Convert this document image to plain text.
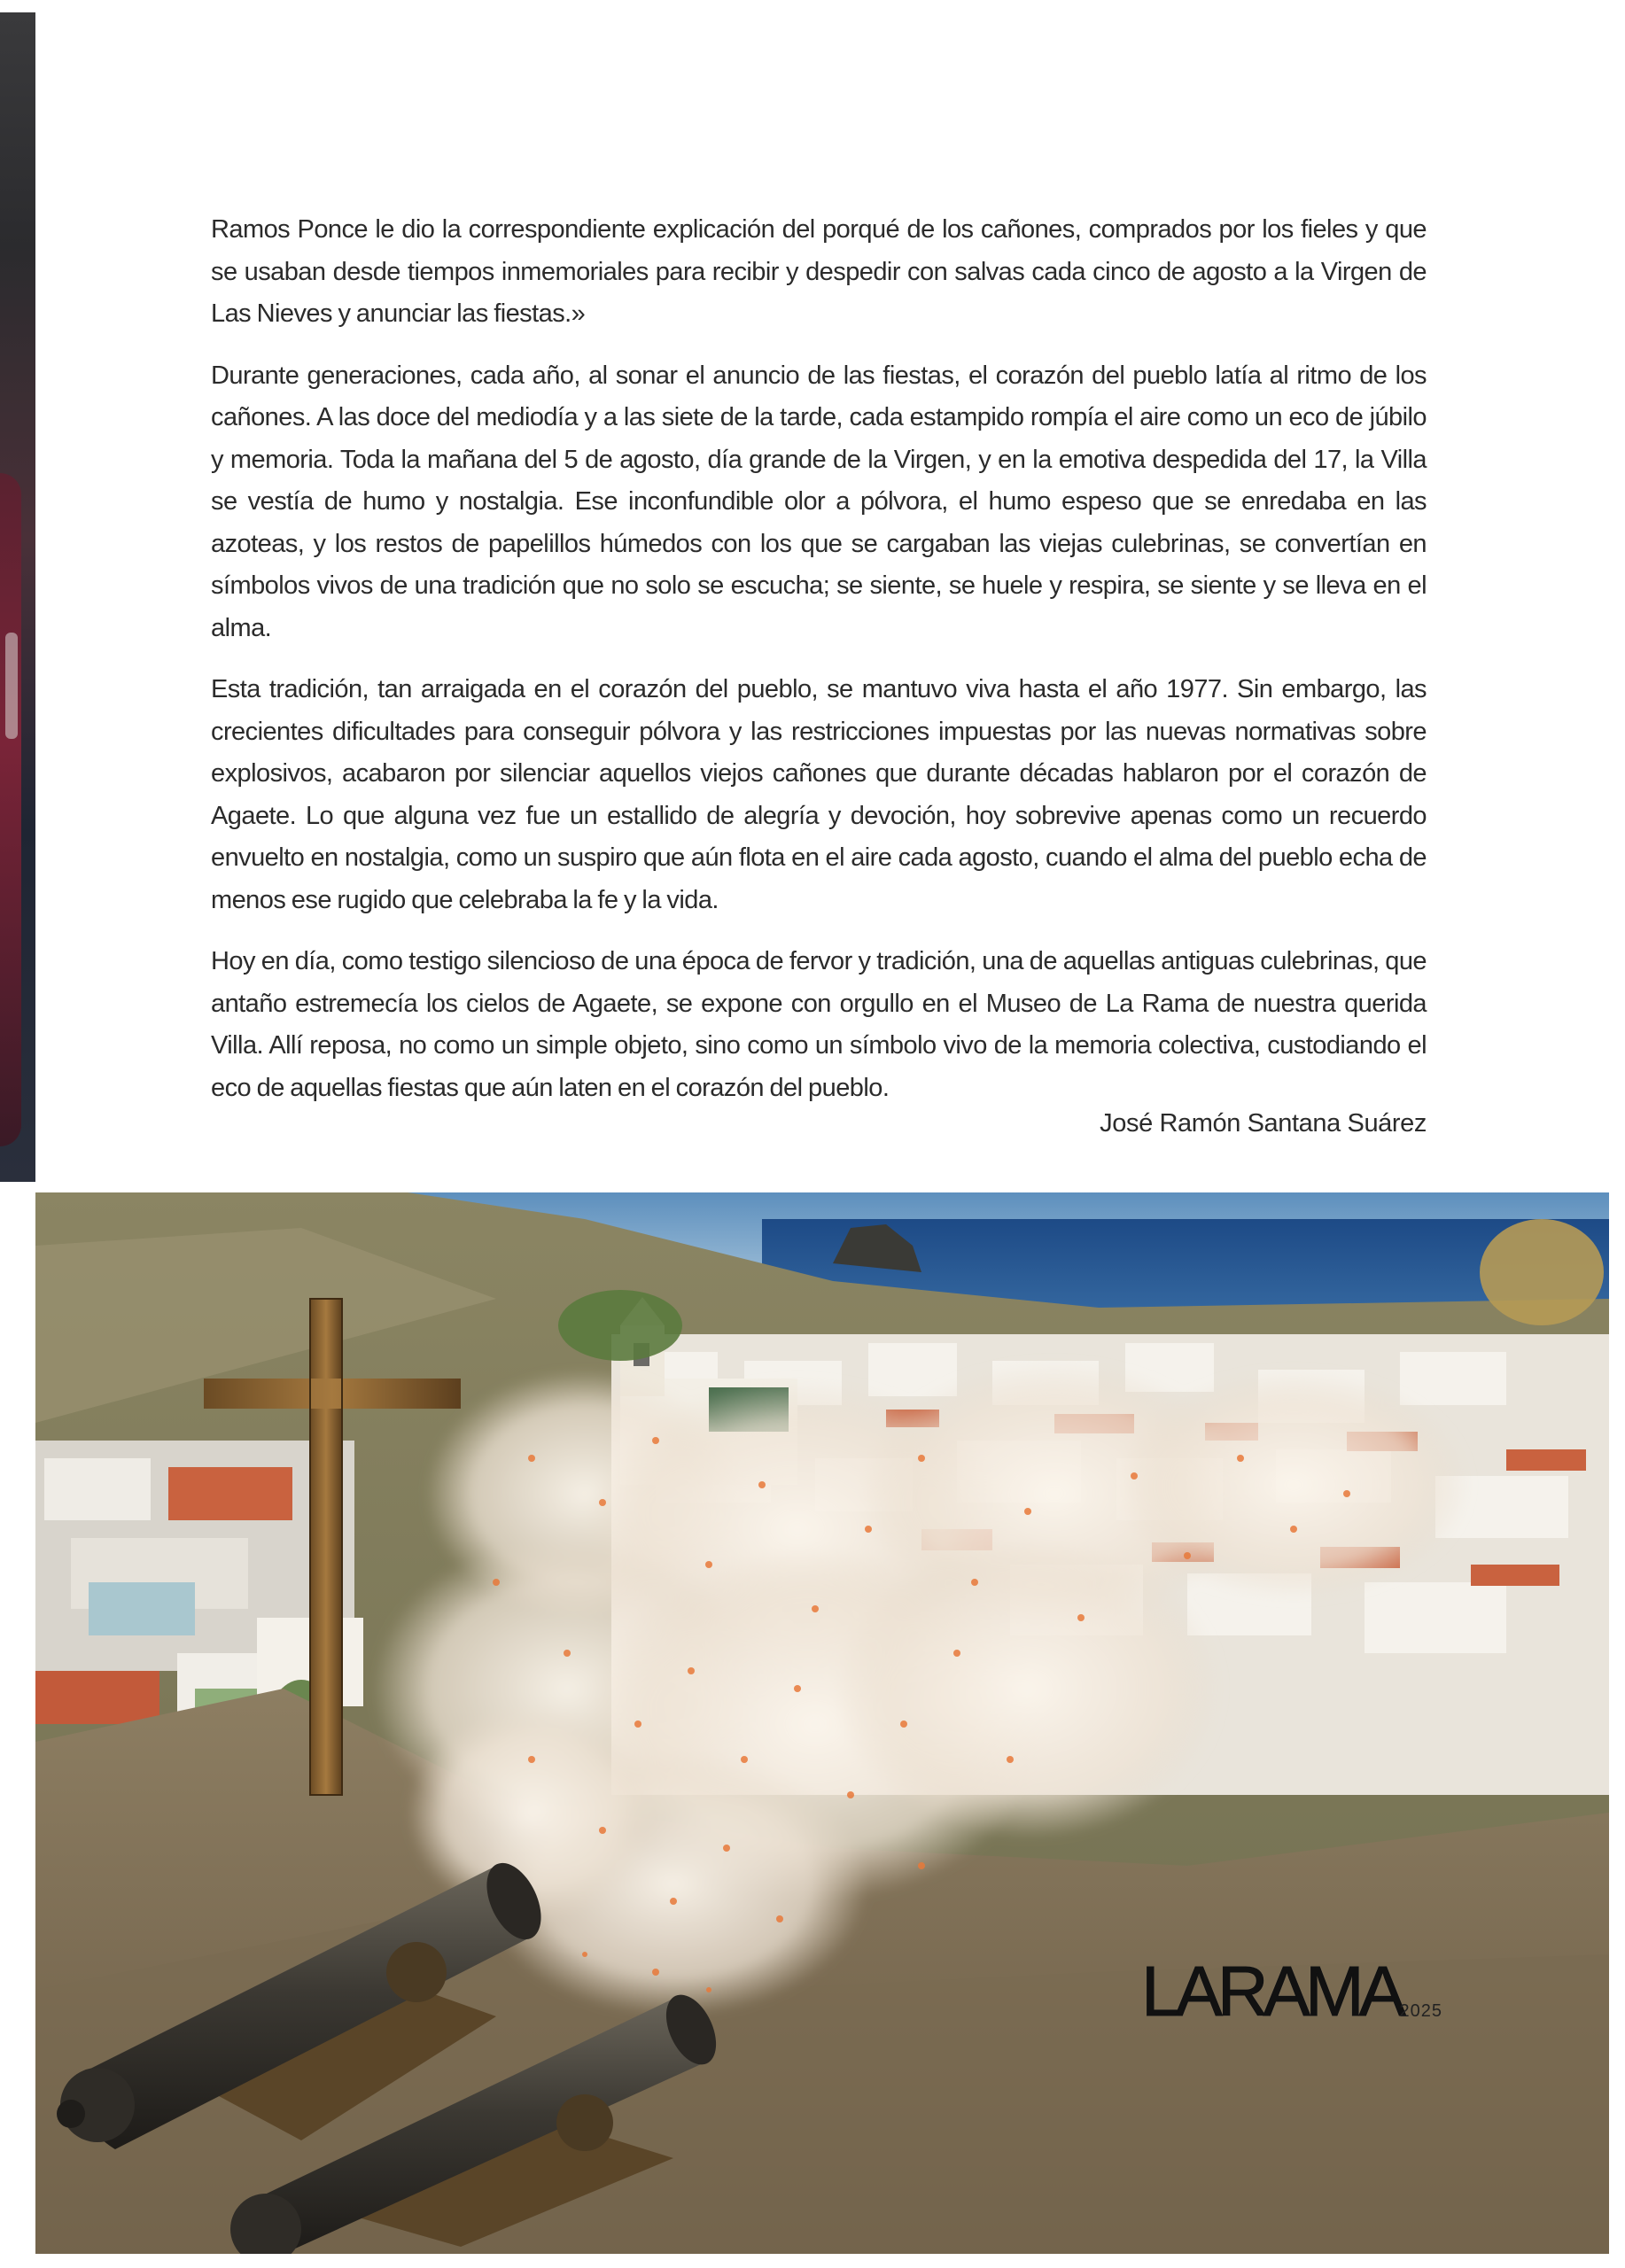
Ramos Ponce le dio la correspondiente explicación del porqué de los cañones, comprados por los fieles y que se usaban desde tiempos inmemoriales para recibir y despedir con salvas cada cinco de agosto a la Virgen de Las Nieves y anunciar las fiestas.»

Durante generaciones, cada año, al sonar el anuncio de las fiestas, el corazón del pueblo latía al ritmo de los cañones. A las doce del mediodía y a las siete de la tarde, cada estampido rompía el aire como un eco de júbilo y memoria. Toda la mañana del 5 de agosto, día grande de la Virgen, y en la emotiva despedida del 17, la Villa se vestía de humo y nostalgia. Ese inconfundible olor a pólvora, el humo espeso que se enredaba en las azoteas, y los restos de papelillos húmedos con los que se cargaban las viejas culebrinas, se convertían en símbolos vivos de una tradición que no solo se escucha; se siente, se huele y respira, se siente y se lleva en el alma.

Esta tradición, tan arraigada en el corazón del pueblo, se mantuvo viva hasta el año 1977. Sin embargo, las crecientes dificultades para conseguir pólvora y las restricciones impuestas por las nuevas normativas sobre explosivos, acabaron por silenciar aquellos viejos cañones que durante décadas hablaron por el corazón de Agaete. Lo que alguna vez fue un estallido de alegría y devoción, hoy sobrevive apenas como un recuerdo envuelto en nostalgia, como un suspiro que aún flota en el aire cada agosto, cuando el alma del pueblo echa de menos ese rugido que celebraba la fe y la vida.

Hoy en día, como testigo silencioso de una época de fervor y tradición, una de aquellas antiguas culebrinas, que antaño estremecía los cielos de Agaete, se expone con orgullo en el Museo de La Rama de nuestra querida Villa. Allí reposa, no como un simple objeto, sino como un símbolo vivo de la memoria colectiva, custodiando el eco de aquellas fiestas que aún laten en el corazón del pueblo.

José Ramón Santana Suárez
LARAMA
2025
